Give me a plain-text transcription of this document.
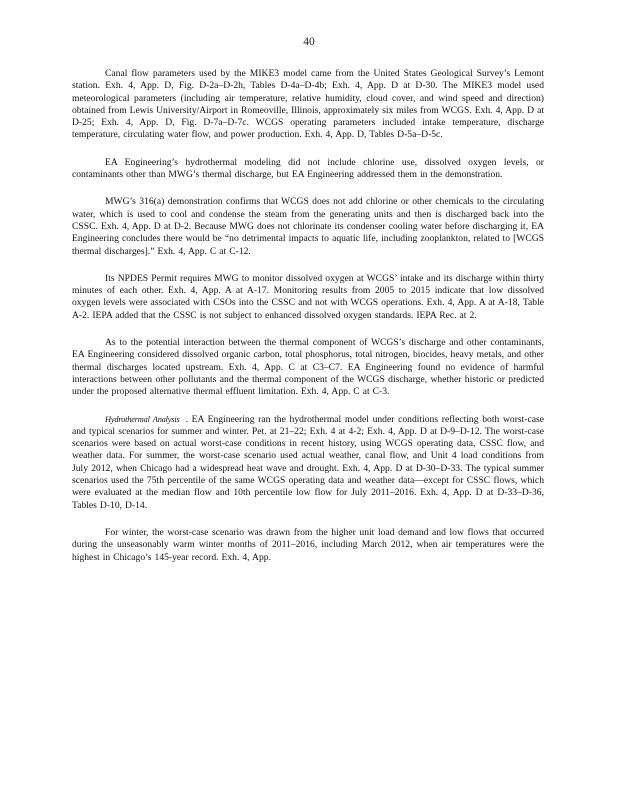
40

Canal flow parameters used by the MIKE3 model came from the United States Geological Survey’s Lemont station. Exh. 4, App. D, Fig. D-2a–D-2h, Tables D-4a–D-4b; Exh. 4, App. D at D-30. The MIKE3 model used meteorological parameters (including air temperature, relative humidity, cloud cover, and wind speed and direction) obtained from Lewis University/Airport in Romeoville, Illinois, approximately six miles from WCGS. Exh. 4, App. D at D-25; Exh. 4, App. D, Fig. D-7a–D-7c. WCGS operating parameters included intake temperature, discharge temperature, circulating water flow, and power production. Exh. 4, App. D, Tables D-5a–D-5c.

EA Engineering’s hydrothermal modeling did not include chlorine use, dissolved oxygen levels, or contaminants other than MWG’s thermal discharge, but EA Engineering addressed them in the demonstration.

MWG’s 316(a) demonstration confirms that WCGS does not add chlorine or other chemicals to the circulating water, which is used to cool and condense the steam from the generating units and then is discharged back into the CSSC. Exh. 4, App. D at D-2. Because MWG does not chlorinate its condenser cooling water before discharging it, EA Engineering concludes there would be “no detrimental impacts to aquatic life, including zooplankton, related to [WCGS thermal discharges].” Exh. 4, App. C at C-12.

Its NPDES Permit requires MWG to monitor dissolved oxygen at WCGS’ intake and its discharge within thirty minutes of each other. Exh. 4, App. A at A-17. Monitoring results from 2005 to 2015 indicate that low dissolved oxygen levels were associated with CSOs into the CSSC and not with WCGS operations. Exh. 4, App. A at A-18, Table A-2. IEPA added that the CSSC is not subject to enhanced dissolved oxygen standards. IEPA Rec. at 2.

As to the potential interaction between the thermal component of WCGS’s discharge and other contaminants, EA Engineering considered dissolved organic carbon, total phosphorus, total nitrogen, biocides, heavy metals, and other thermal discharges located upstream. Exh. 4, App. C at C3–C7. EA Engineering found no evidence of harmful interactions between other pollutants and the thermal component of the WCGS discharge, whether historic or predicted under the proposed alternative thermal effluent limitation. Exh. 4, App. C at C-3.

Hydrothermal Analysis . EA Engineering ran the hydrothermal model under conditions reflecting both worst-case and typical scenarios for summer and winter. Pet. at 21–22; Exh. 4 at 4-2; Exh. 4, App. D at D-9–D-12. The worst-case scenarios were based on actual worst-case conditions in recent history, using WCGS operating data, CSSC flow, and weather data. For summer, the worst-case scenario used actual weather, canal flow, and Unit 4 load conditions from July 2012, when Chicago had a widespread heat wave and drought. Exh. 4, App. D at D-30–D-33. The typical summer scenarios used the 75th percentile of the same WCGS operating data and weather data—except for CSSC flows, which were evaluated at the median flow and 10th percentile low flow for July 2011–2016. Exh. 4, App. D at D-33–D-36, Tables D-10, D-14.

For winter, the worst-case scenario was drawn from the higher unit load demand and low flows that occurred during the unseasonably warm winter months of 2011–2016, including March 2012, when air temperatures were the highest in Chicago’s 145-year record. Exh. 4, App.
